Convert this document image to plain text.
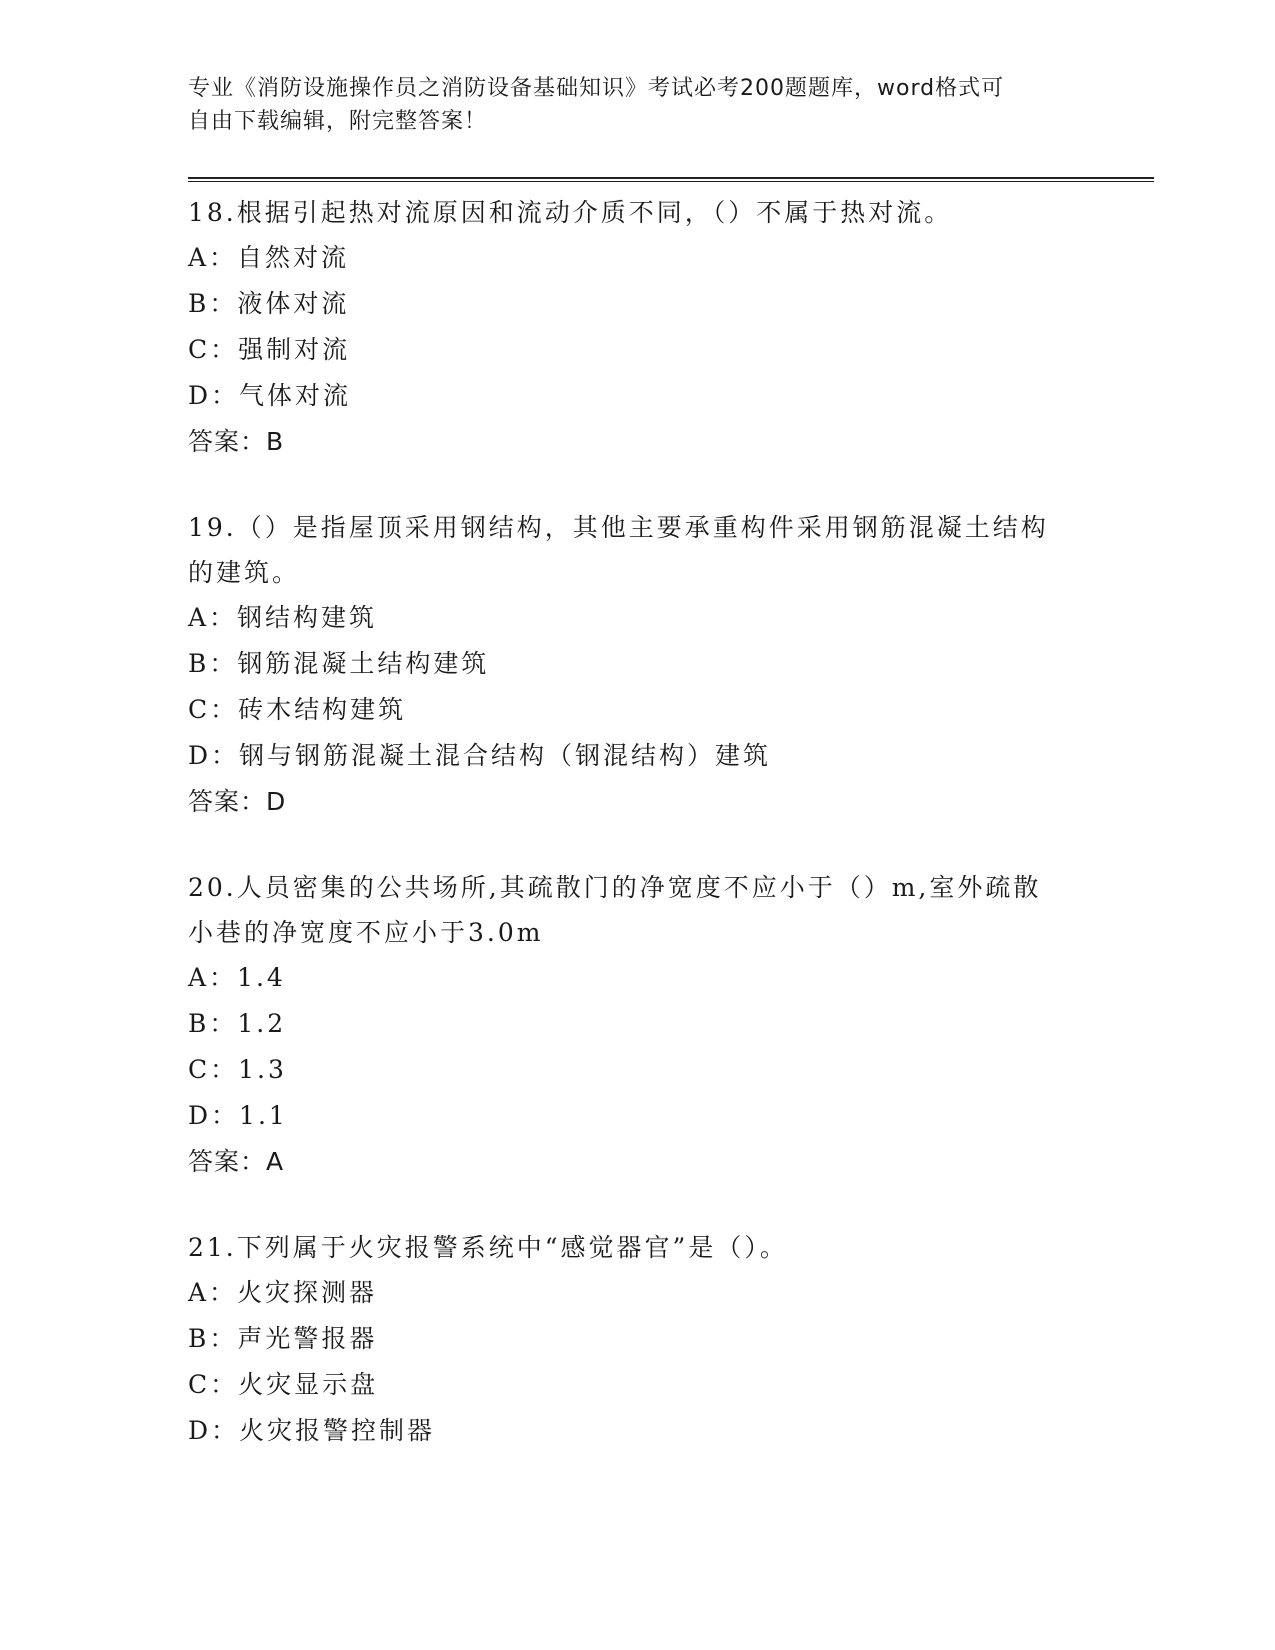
专业《消防设施操作员之消防设备基础知识》考试必考200题题库，word格式可
自由下载编辑，附完整答案！
18.根据引起热对流原因和流动介质不同，（）不属于热对流。
A：自然对流
B：液体对流
C：强制对流
D：气体对流
答案：B
19.（）是指屋顶采用钢结构，其他主要承重构件采用钢筋混凝土结构
的建筑。
A：钢结构建筑
B：钢筋混凝土结构建筑
C：砖木结构建筑
D：钢与钢筋混凝土混合结构（钢混结构）建筑
答案：D
20.人员密集的公共场所,其疏散门的净宽度不应小于（）m,室外疏散
小巷的净宽度不应小于3.0m
A：1.4
B：1.2
C：1.3
D：1.1
答案：A
21.下列属于火灾报警系统中“感觉器官”是（）。
A：火灾探测器
B：声光警报器
C：火灾显示盘
D：火灾报警控制器
